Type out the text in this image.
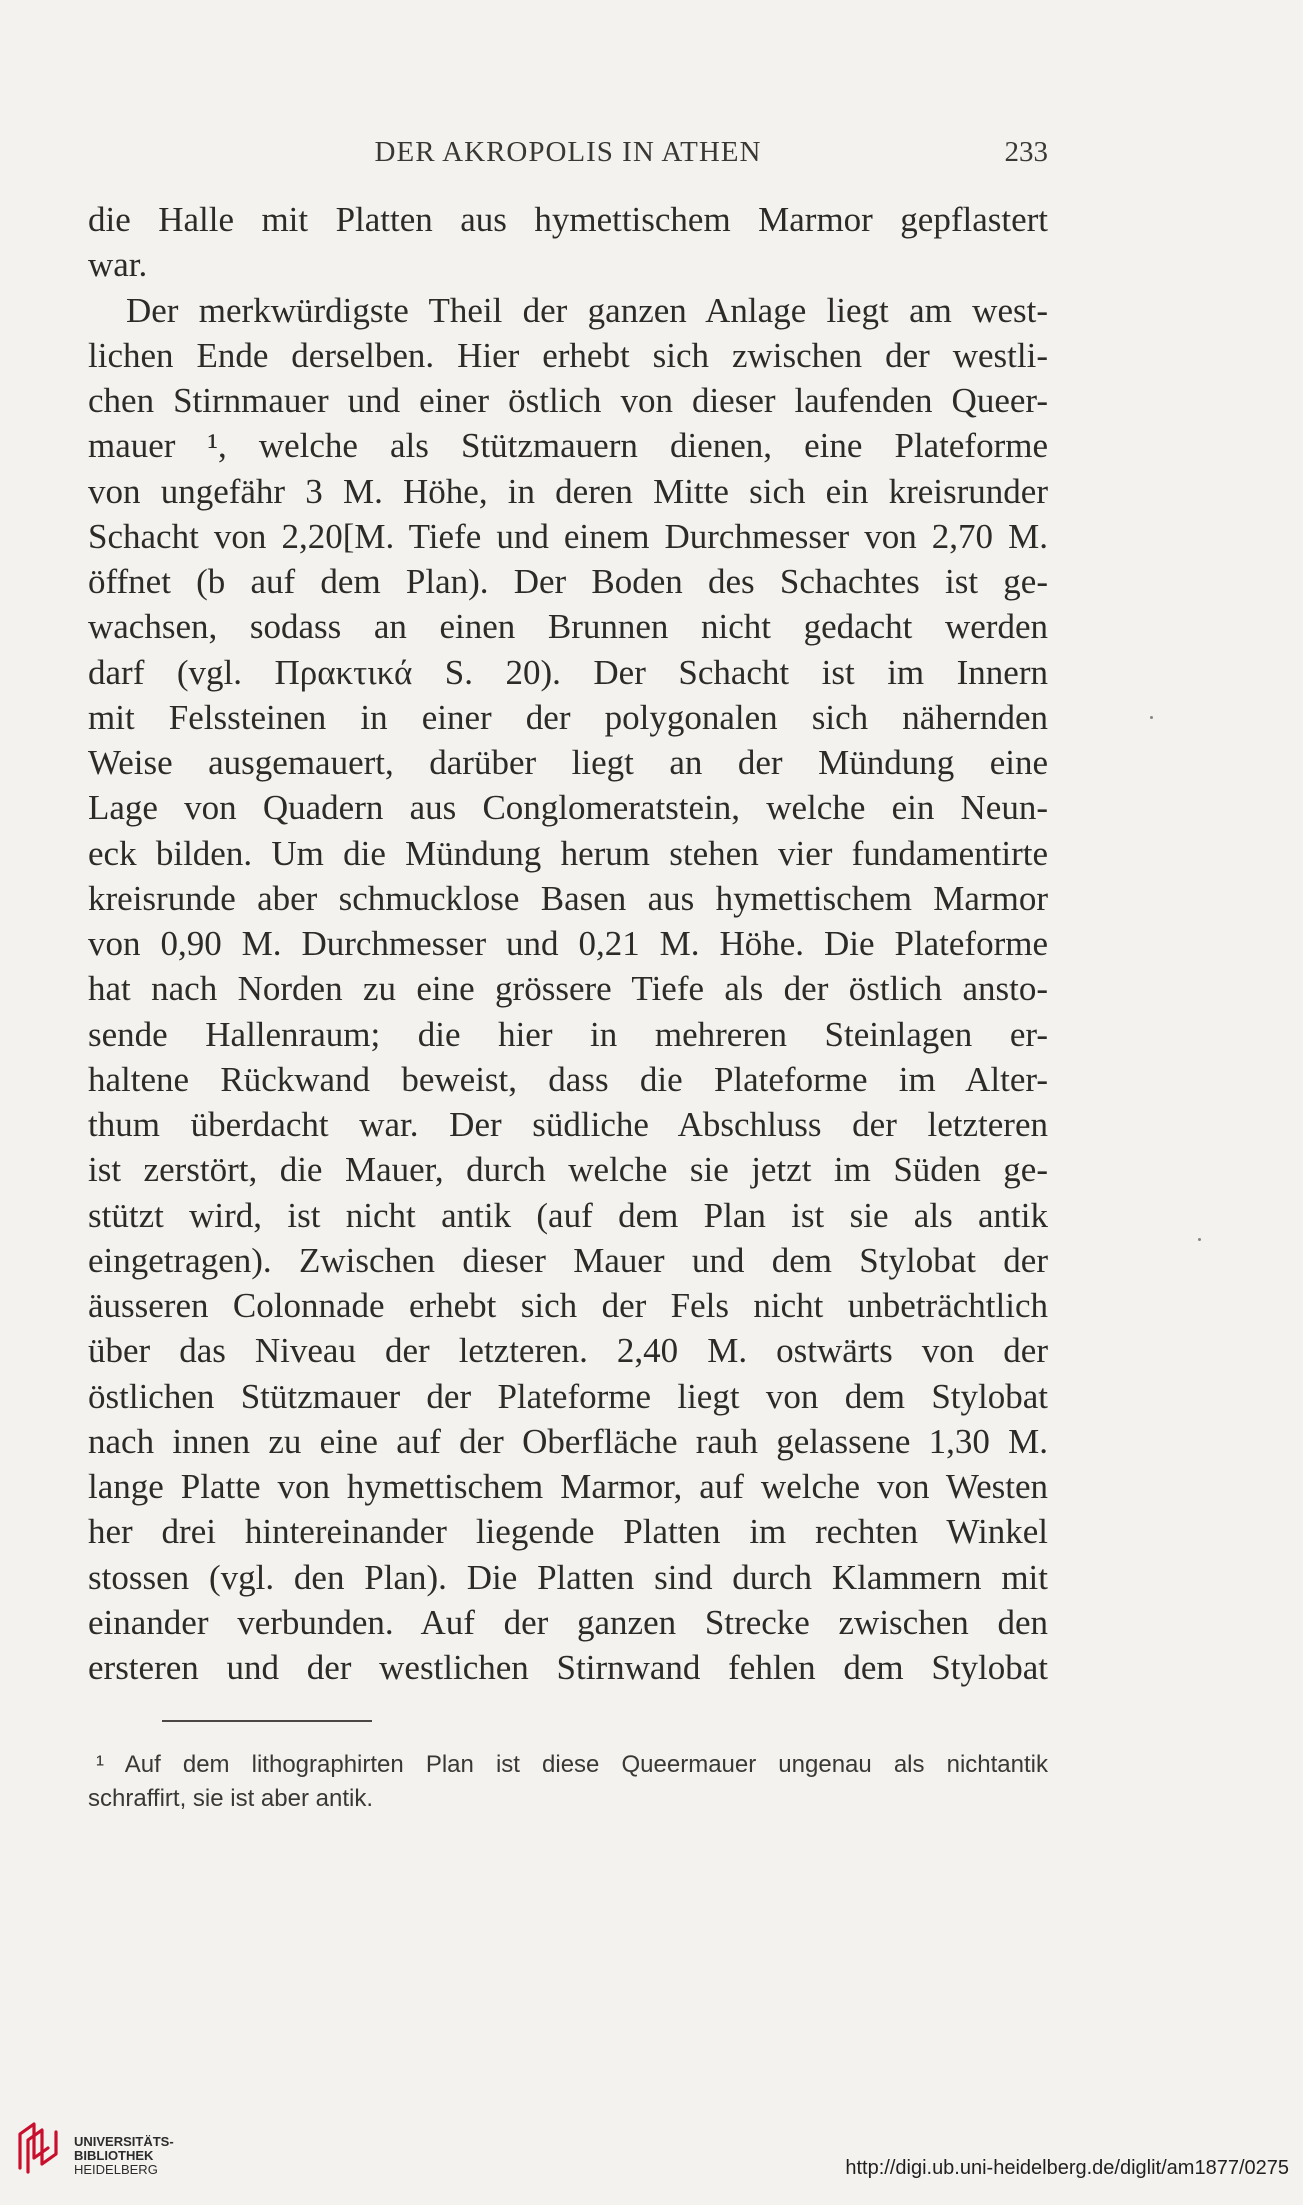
DER AKROPOLIS IN ATHEN	233
die Halle mit Platten aus hymettischem Marmor gepflastert
war.
Der merkwürdigste Theil der ganzen Anlage liegt am west-
lichen Ende derselben. Hier erhebt sich zwischen der westli-
chen Stirnmauer und einer östlich von dieser laufenden Queer-
mauer ¹, welche als Stützmauern dienen, eine Plateforme
von ungefähr 3 M. Höhe, in deren Mitte sich ein kreisrunder
Schacht von 2,20[M. Tiefe und einem Durchmesser von 2,70 M.
öffnet (b auf dem Plan). Der Boden des Schachtes ist ge-
wachsen, sodass an einen Brunnen nicht gedacht werden
darf (vgl. Πρακτικά S. 20). Der Schacht ist im Innern
mit Felssteinen in einer der polygonalen sich nähernden
Weise ausgemauert, darüber liegt an der Mündung eine
Lage von Quadern aus Conglomeratstein, welche ein Neun-
eck bilden. Um die Mündung herum stehen vier fundamentirte
kreisrunde aber schmucklose Basen aus hymettischem Marmor
von 0,90 M. Durchmesser und 0,21 M. Höhe. Die Plateforme
hat nach Norden zu eine grössere Tiefe als der östlich ansto-
sende Hallenraum; die hier in mehreren Steinlagen er-
haltene Rückwand beweist, dass die Plateforme im Alter-
thum überdacht war. Der südliche Abschluss der letzteren
ist zerstört, die Mauer, durch welche sie jetzt im Süden ge-
stützt wird, ist nicht antik (auf dem Plan ist sie als antik
eingetragen). Zwischen dieser Mauer und dem Stylobat der
äusseren Colonnade erhebt sich der Fels nicht unbeträchtlich
über das Niveau der letzteren. 2,40 M. ostwärts von der
östlichen Stützmauer der Plateforme liegt von dem Stylobat
nach innen zu eine auf der Oberfläche rauh gelassene 1,30 M.
lange Platte von hymettischem Marmor, auf welche von Westen
her drei hintereinander liegende Platten im rechten Winkel
stossen (vgl. den Plan). Die Platten sind durch Klammern mit
einander verbunden. Auf der ganzen Strecke zwischen den
ersteren und der westlichen Stirnwand fehlen dem Stylobat
¹ Auf dem lithographirten Plan ist diese Queermauer ungenau als nichtantik
schraffirt, sie ist aber antik.
UNIVERSITÄTS-
BIBLIOTHEK
HEIDELBERG	http://digi.ub.uni-heidelberg.de/diglit/am1877/0275
